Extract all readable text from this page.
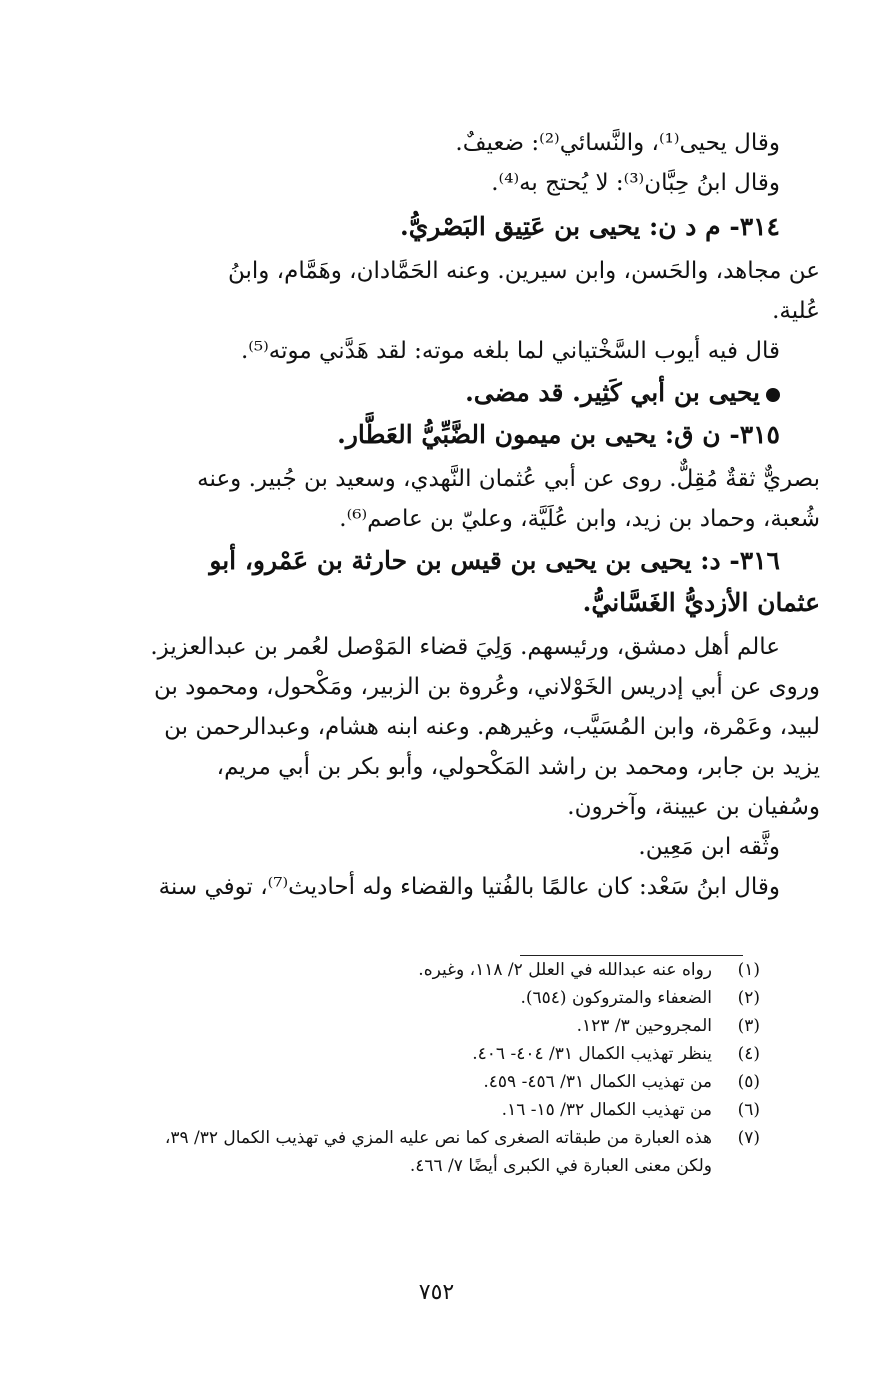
وقال يحيى⁽¹⁾، والنَّسائي⁽²⁾: ضعيفٌ.
وقال ابنُ حِبَّان⁽³⁾: لا يُحتج به⁽⁴⁾.
٣١٤- م د ن: يحيى بن عَتِيق البَصْريُّ.
عن مجاهد، والحَسن، وابن سيرين. وعنه الحَمَّادان، وهَمَّام، وابنُ
عُلية.
قال فيه أيوب السَّخْتياني لما بلغه موته: لقد هَدَّني موته⁽⁵⁾.
يحيى بن أبي كَثِير. قد مضى.
٣١٥- ن ق: يحيى بن ميمون الضَّبِّيُّ العَطَّار.
بصريٌّ ثقةٌ مُقِلٌّ. روى عن أبي عُثمان النَّهدي، وسعيد بن جُبير. وعنه
شُعبة، وحماد بن زيد، وابن عُلَيَّة، وعليّ بن عاصم⁽⁶⁾.
٣١٦- د: يحيى بن يحيى بن قيس بن حارثة بن عَمْرو، أبو
عثمان الأزديُّ الغَسَّانيُّ.
عالم أهل دمشق، ورئيسهم. وَلِيَ قضاء المَوْصل لعُمر بن عبدالعزيز.
وروى عن أبي إدريس الخَوْلاني، وعُروة بن الزبير، ومَكْحول، ومحمود بن
لبيد، وعَمْرة، وابن المُسَيَّب، وغيرهم. وعنه ابنه هشام، وعبدالرحمن بن
يزيد بن جابر، ومحمد بن راشد المَكْحولي، وأبو بكر بن أبي مريم،
وسُفيان بن عيينة، وآخرون.
وثَّقه ابن مَعِين.
وقال ابنُ سَعْد: كان عالمًا بالفُتيا والقضاء وله أحاديث⁽⁷⁾، توفي سنة
(١)
رواه عنه عبدالله في العلل ٢/ ١١٨، وغيره.
(٢)
الضعفاء والمتروكون (٦٥٤).
(٣)
المجروحين ٣/ ١٢٣.
(٤)
ينظر تهذيب الكمال ٣١/ ٤٠٤- ٤٠٦.
(٥)
من تهذيب الكمال ٣١/ ٤٥٦- ٤٥٩.
(٦)
من تهذيب الكمال ٣٢/ ١٥- ١٦.
(٧)
هذه العبارة من طبقاته الصغرى كما نص عليه المزي في تهذيب الكمال ٣٢/ ٣٩،
ولكن معنى العبارة في الكبرى أيضًا ٧/ ٤٦٦.
٧٥٢
